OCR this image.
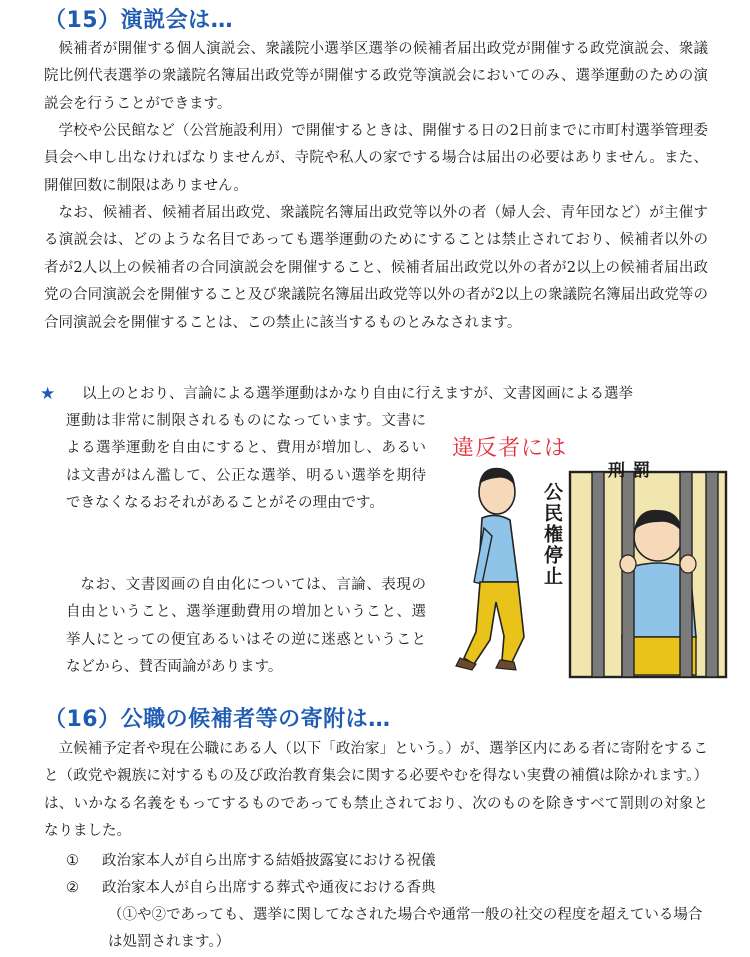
（15）演説会は…

候補者が開催する個人演説会、衆議院小選挙区選挙の候補者届出政党が開催する政党演説会、衆議院比例代表選挙の衆議院名簿届出政党等が開催する政党等演説会においてのみ、選挙運動のための演説会を行うことができます。

学校や公民館など（公営施設利用）で開催するときは、開催する日の2日前までに市町村選挙管理委員会へ申し出なければなりませんが、寺院や私人の家でする場合は届出の必要はありません。また、開催回数に制限はありません。

なお、候補者、候補者届出政党、衆議院名簿届出政党等以外の者（婦人会、青年団など）が主催する演説会は、どのような名目であっても選挙運動のためにすることは禁止されており、候補者以外の者が2人以上の候補者の合同演説会を開催すること、候補者届出政党以外の者が2以上の候補者届出政党の合同演説会を開催すること及び衆議院名簿届出政党等以外の者が2以上の衆議院名簿届出政党等の合同演説会を開催することは、この禁止に該当するものとみなされます。

★ 以上のとおり、言論による選挙運動はかなり自由に行えますが、文書図画による選挙

運動は非常に制限されるものになっています。文書による選挙運動を自由にすると、費用が増加し、あるいは文書がはん濫して、公正な選挙、明るい選挙を期待できなくなるおそれがあることがその理由です。

なお、文書図画の自由化については、言論、表現の自由ということ、選挙運動費用の増加ということ、選挙人にとっての便宜あるいはその逆に迷惑ということなどから、賛否両論があります。

違反者には
刑罰
公民権停止
（16）公職の候補者等の寄附は…

立候補予定者や現在公職にある人（以下「政治家」という。）が、選挙区内にある者に寄附をすること（政党や親族に対するもの及び政治教育集会に関する必要やむを得ない実費の補償は除かれます。）は、いかなる名義をもってするものであっても禁止されており、次のものを除きすべて罰則の対象となりました。

① 政治家本人が自ら出席する結婚披露宴における祝儀
② 政治家本人が自ら出席する葬式や通夜における香典

（①や②であっても、選挙に関してなされた場合や通常一般の社交の程度を超えている場合は処罰されます。）
